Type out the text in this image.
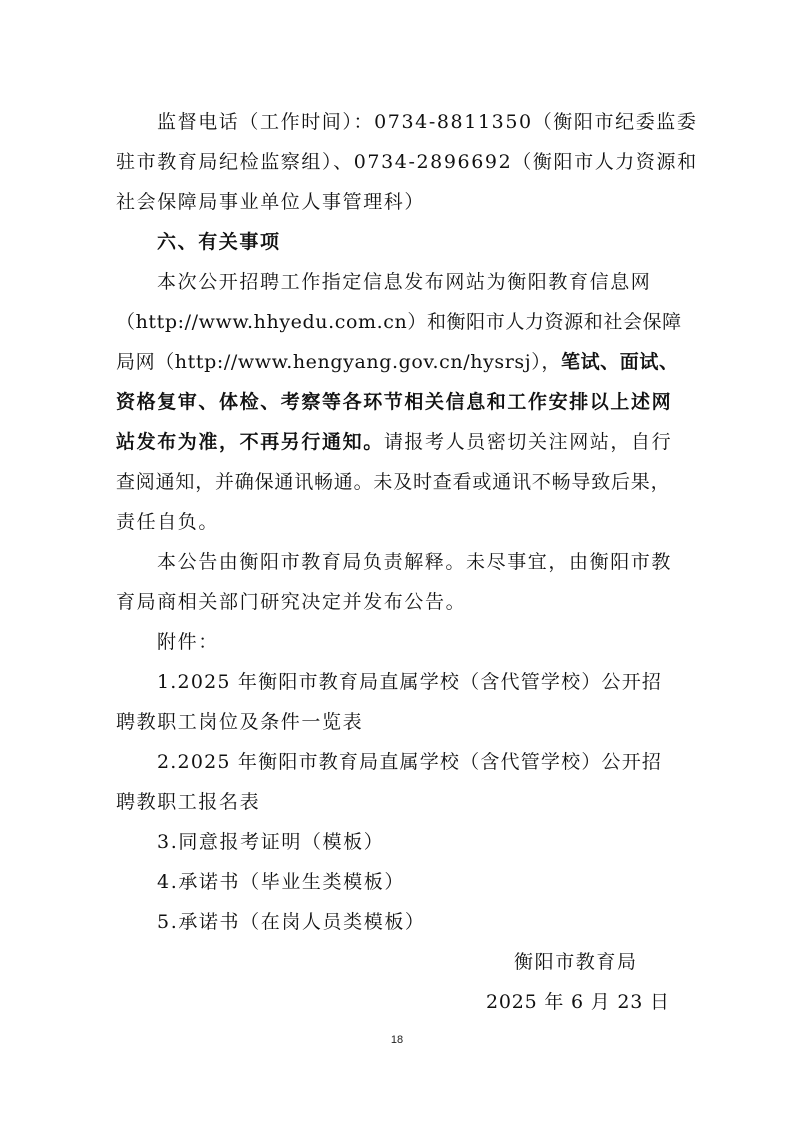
监督电话（工作时间）：0734-8811350（衡阳市纪委监委
驻市教育局纪检监察组）、0734-2896692（衡阳市人力资源和
社会保障局事业单位人事管理科）
六、有关事项
本次公开招聘工作指定信息发布网站为衡阳教育信息网
（http://www.hhyedu.com.cn）和衡阳市人力资源和社会保障
局网（http://www.hengyang.gov.cn/hysrsj），笔试、面试、
资格复审、体检、考察等各环节相关信息和工作安排以上述网
站发布为准，不再另行通知。请报考人员密切关注网站，自行
查阅通知，并确保通讯畅通。未及时查看或通讯不畅导致后果，
责任自负。
本公告由衡阳市教育局负责解释。未尽事宜，由衡阳市教
育局商相关部门研究决定并发布公告。
附件：
1.2025 年衡阳市教育局直属学校（含代管学校）公开招
聘教职工岗位及条件一览表
2.2025 年衡阳市教育局直属学校（含代管学校）公开招
聘教职工报名表
3.同意报考证明（模板）
4.承诺书（毕业生类模板）
5.承诺书（在岗人员类模板）
衡阳市教育局
2025 年 6 月 23 日
18
